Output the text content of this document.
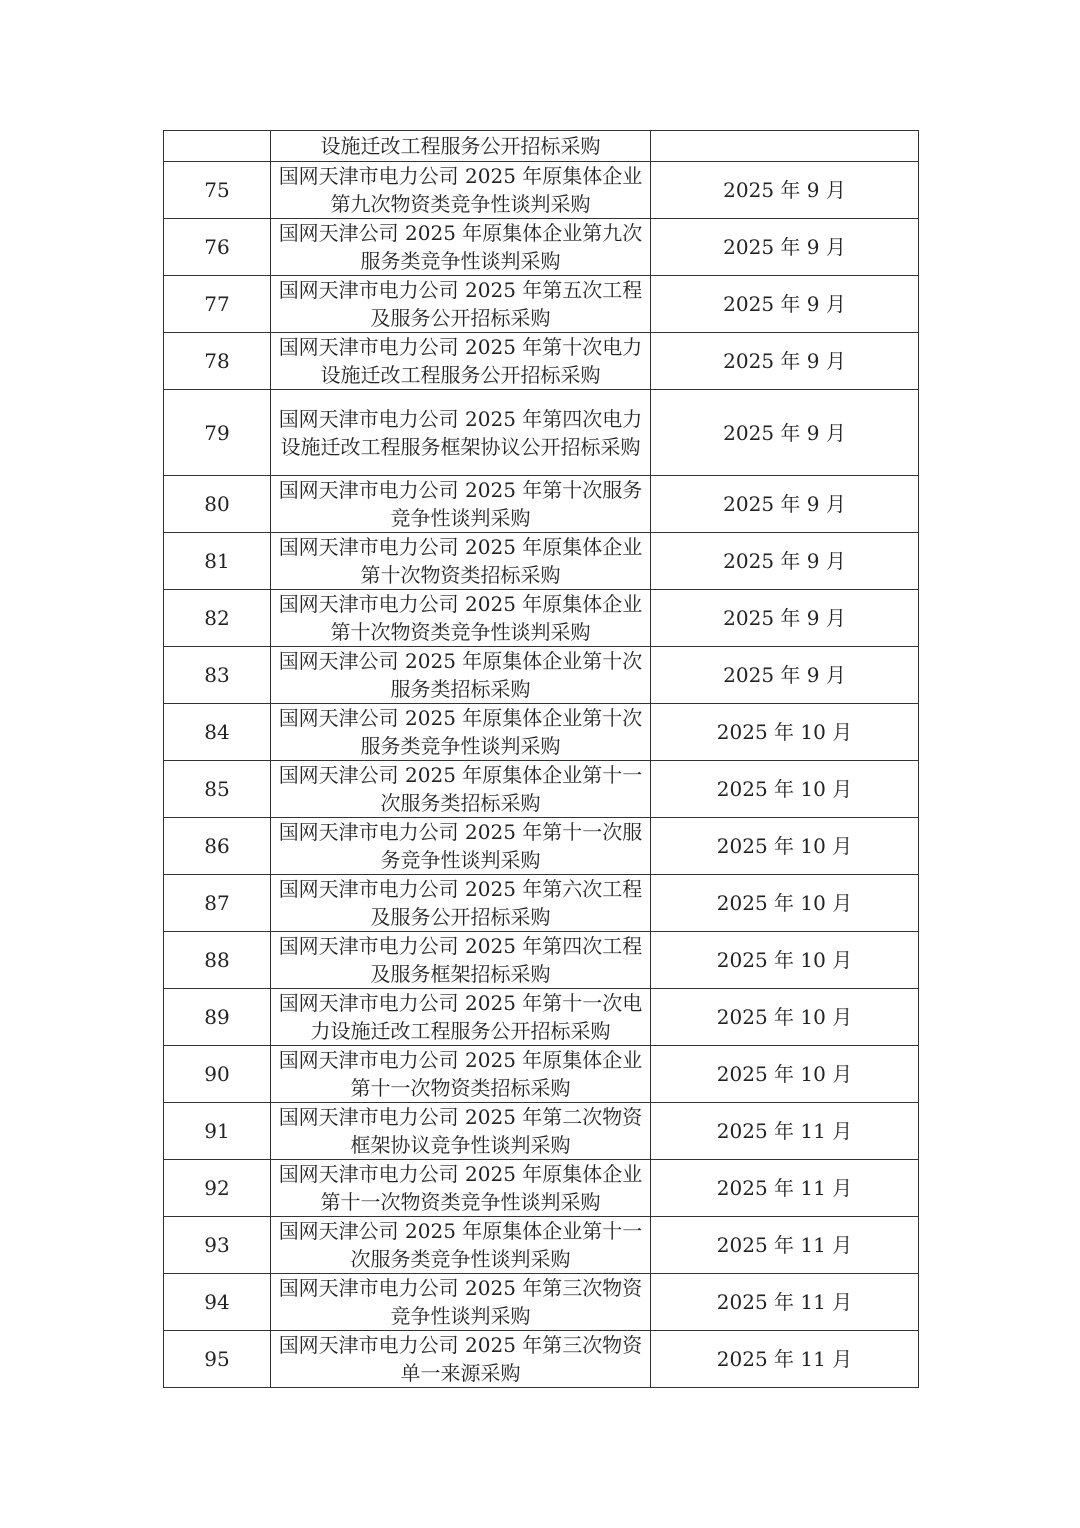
	设施迁改工程服务公开招标采购	
75	国网天津市电力公司 2025 年原集体企业第九次物资类竞争性谈判采购	2025 年 9 月
76	国网天津公司 2025 年原集体企业第九次服务类竞争性谈判采购	2025 年 9 月
77	国网天津市电力公司 2025 年第五次工程及服务公开招标采购	2025 年 9 月
78	国网天津市电力公司 2025 年第十次电力设施迁改工程服务公开招标采购	2025 年 9 月
79	国网天津市电力公司 2025 年第四次电力设施迁改工程服务框架协议公开招标采购	2025 年 9 月
80	国网天津市电力公司 2025 年第十次服务竞争性谈判采购	2025 年 9 月
81	国网天津市电力公司 2025 年原集体企业第十次物资类招标采购	2025 年 9 月
82	国网天津市电力公司 2025 年原集体企业第十次物资类竞争性谈判采购	2025 年 9 月
83	国网天津公司 2025 年原集体企业第十次服务类招标采购	2025 年 9 月
84	国网天津公司 2025 年原集体企业第十次服务类竞争性谈判采购	2025 年 10 月
85	国网天津公司 2025 年原集体企业第十一次服务类招标采购	2025 年 10 月
86	国网天津市电力公司 2025 年第十一次服务竞争性谈判采购	2025 年 10 月
87	国网天津市电力公司 2025 年第六次工程及服务公开招标采购	2025 年 10 月
88	国网天津市电力公司 2025 年第四次工程及服务框架招标采购	2025 年 10 月
89	国网天津市电力公司 2025 年第十一次电力设施迁改工程服务公开招标采购	2025 年 10 月
90	国网天津市电力公司 2025 年原集体企业第十一次物资类招标采购	2025 年 10 月
91	国网天津市电力公司 2025 年第二次物资框架协议竞争性谈判采购	2025 年 11 月
92	国网天津市电力公司 2025 年原集体企业第十一次物资类竞争性谈判采购	2025 年 11 月
93	国网天津公司 2025 年原集体企业第十一次服务类竞争性谈判采购	2025 年 11 月
94	国网天津市电力公司 2025 年第三次物资竞争性谈判采购	2025 年 11 月
95	国网天津市电力公司 2025 年第三次物资单一来源采购	2025 年 11 月
